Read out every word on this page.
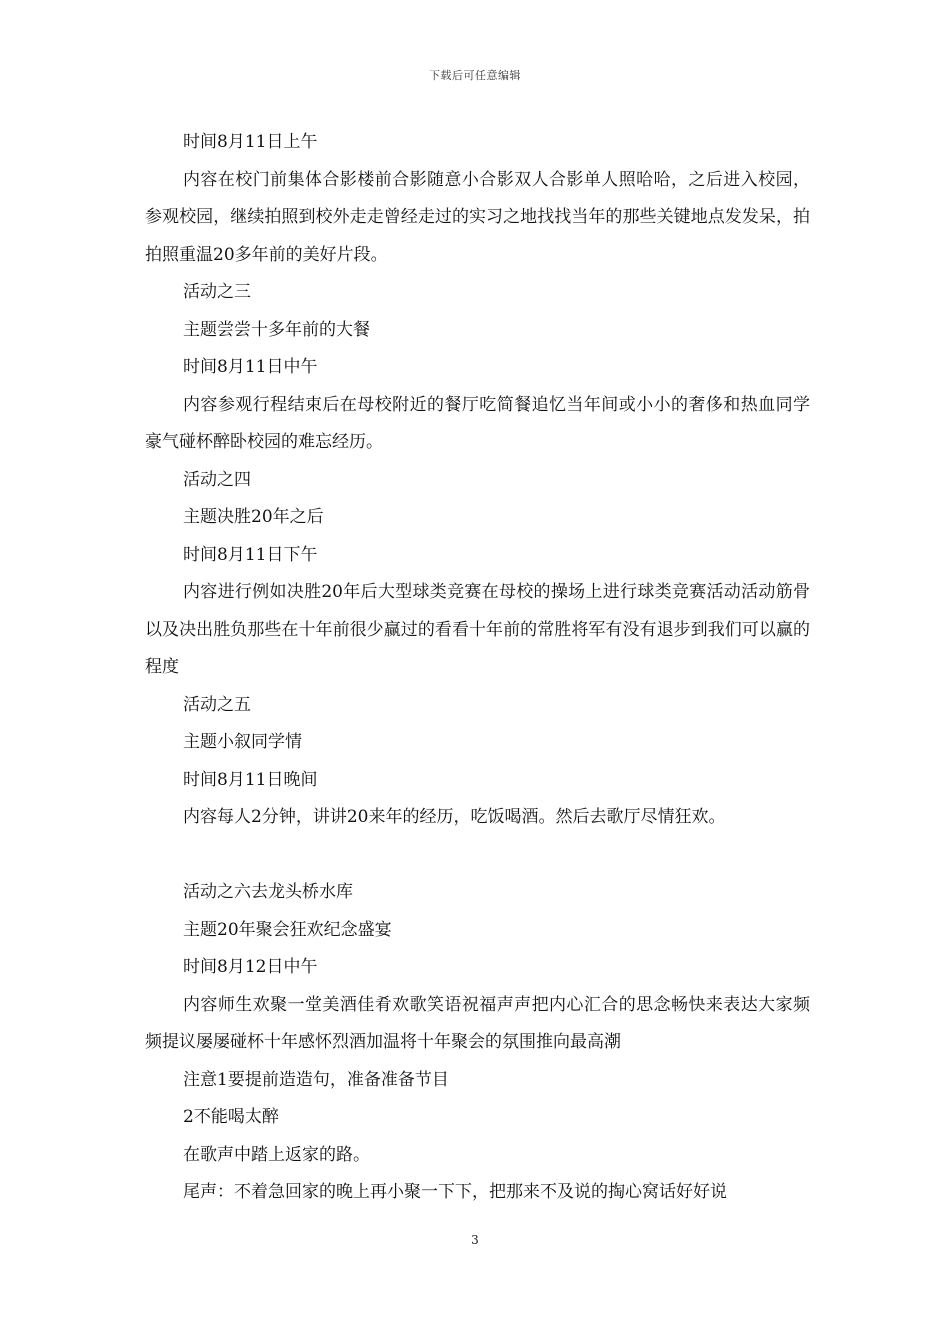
下载后可任意编辑

时间8月11日上午

内容在校门前集体合影楼前合影随意小合影双人合影单人照哈哈，之后进入校园，参观校园，继续拍照到校外走走曾经走过的实习之地找找当年的那些关键地点发发呆，拍拍照重温20多年前的美好片段。

活动之三

主题尝尝十多年前的大餐

时间8月11日中午

内容参观行程结束后在母校附近的餐厅吃简餐追忆当年间或小小的奢侈和热血同学豪气碰杯醉卧校园的难忘经历。

活动之四

主题决胜20年之后

时间8月11日下午

内容进行例如决胜20年后大型球类竞赛在母校的操场上进行球类竞赛活动活动筋骨以及决出胜负那些在十年前很少赢过的看看十年前的常胜将军有没有退步到我们可以赢的程度

活动之五

主题小叙同学情

时间8月11日晚间

内容每人2分钟，讲讲20来年的经历，吃饭喝酒。然后去歌厅尽情狂欢。

活动之六去龙头桥水库

主题20年聚会狂欢纪念盛宴

时间8月12日中午

内容师生欢聚一堂美酒佳肴欢歌笑语祝福声声把内心汇合的思念畅快来表达大家频频提议屡屡碰杯十年感怀烈酒加温将十年聚会的氛围推向最高潮

注意1要提前造造句，准备准备节目

2不能喝太醉

在歌声中踏上返家的路。

尾声：不着急回家的晚上再小聚一下下，把那来不及说的掏心窝话好好说

3
